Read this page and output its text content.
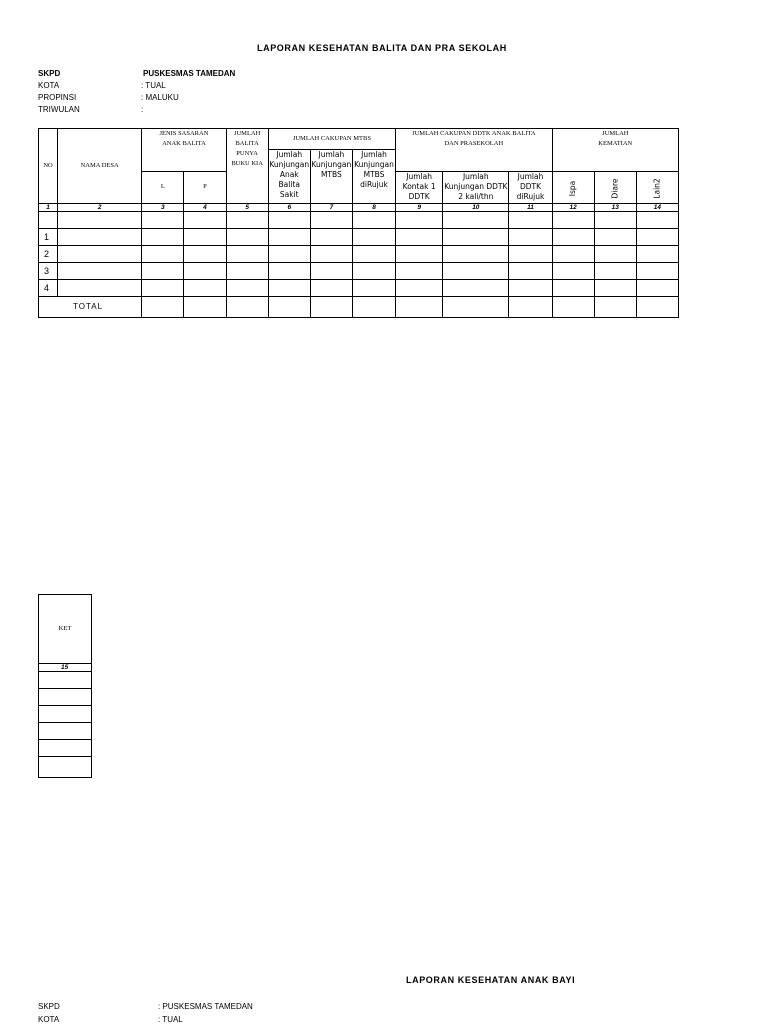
LAPORAN KESEHATAN BALITA DAN PRA SEKOLAH
SKPD	PUSKESMAS TAMEDAN
KOTA	: TUAL
PROPINSI	: MALUKU
TRIWULAN	:
NO	NAMA DESA	JENIS SASARAN ANAK BALITA		JUMLAH BALITA PUNYA BUKU KIA	JUMLAH CAKUPAN MTBS			JUMLAH CAKUPAN DDTK ANAK BALITA DAN PRASEKOLAH			JUMLAH KEMATIAN		
					Jumlah Kunjungan Anak Balita Sakit	Jumlah Kunjungan MTBS	Jumlah Kunjungan MTBS diRujuk						
		L	P					Jumlah Kontak 1 DDTK	Jumlah Kunjungan DDTK 2 kali/thn	Jumlah DDTK diRujuk	Ispa	Diare	Lain2
1	2	3	4	5	6	7	8	9	10	11	12	13	14

1													
2													
3													
4													
TOTAL													
KET
15

LAPORAN KESEHATAN ANAK BAYI
SKPD	: PUSKESMAS TAMEDAN
KOTA	: TUAL
